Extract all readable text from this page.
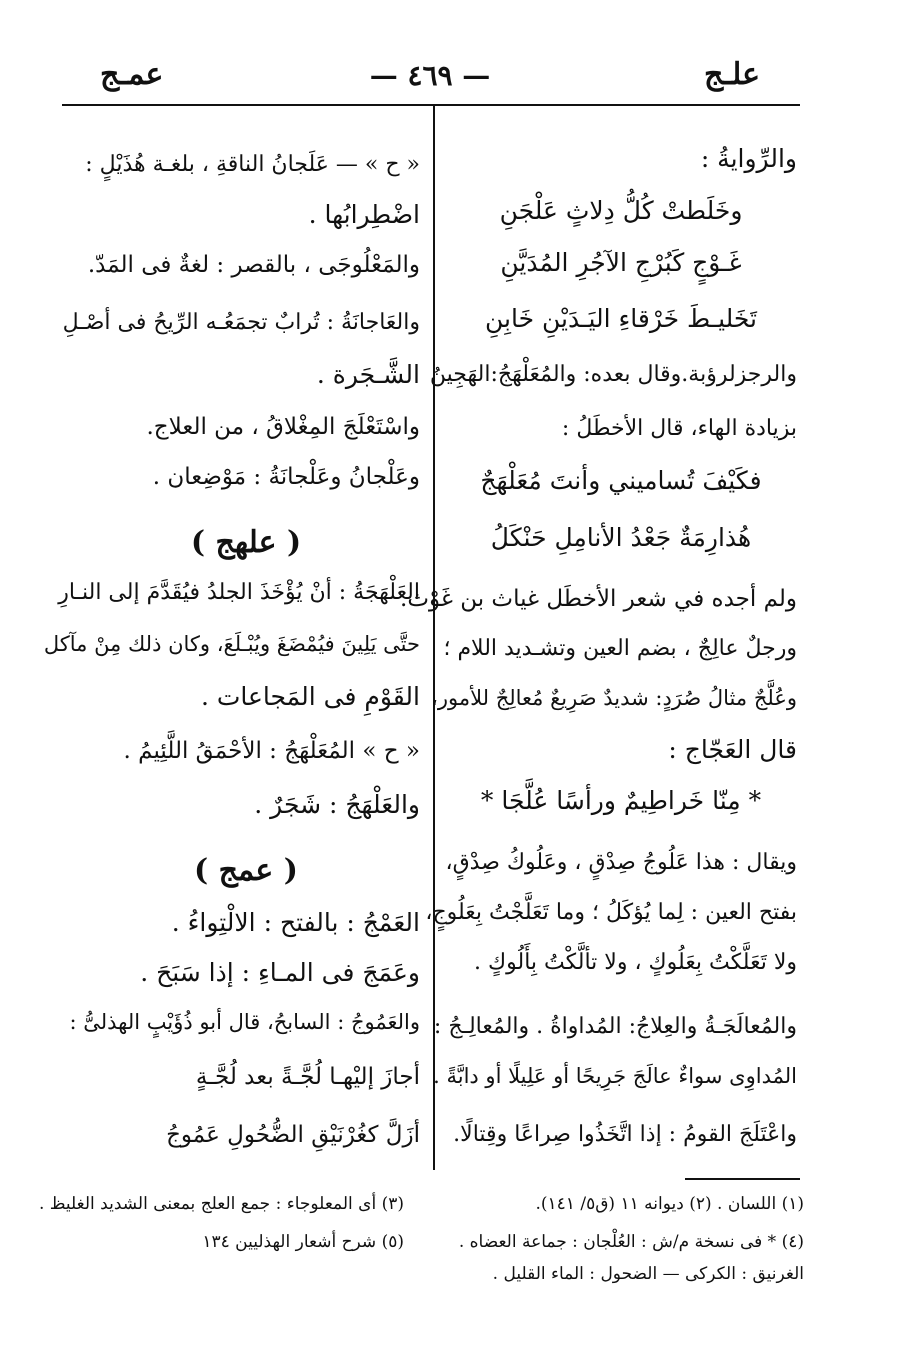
علـج
— ٤٦٩ —
عمـج
والرِّوايةُ :
وخَلَطتْ كُلُّ دِلاثٍ عَلْجَنِ
غَـوْجٍ كَبُرْجِ الآجُرِ المُدَيَّنِ
تَخَليـطَ خَرْقاءِ اليَـدَيْنِ خَابِنِ
والرجزلرؤبة.وقال بعده: والمُعَلْهَجُ:الهَجِينُ
بزيادة الهاء، قال الأخطَلُ :
فكَيْفَ تُساميني وأنتَ مُعَلْهَجٌ
هُذارِمَةٌ جَعْدُ الأنامِلِ حَنْكَلُ
ولم أجده في شعر الأخطَل غياث بن غَوْث.
ورجلٌ عالِجٌ ، بضم العين وتشـديد اللام ؛
وعُلَّجٌ مثالُ صُرَدٍ: شديدٌ صَرِيعٌ مُعالِجٌ للأمور،
قال العَجّاج :
* مِنّا خَراطِيمٌ ورأسًا عُلَّجَا *
ويقال : هذا عَلُوجُ صِدْقٍ ، وعَلُوكُ صِدْقٍ،
بفتح العين : لِما يُؤكَلُ ؛ وما تَعَلَّجْتُ بِعَلُوجٍ،
ولا تَعَلَّكْتُ بِعَلُوكٍ ، ولا تألَّكْتُ بِأَلُوكٍ .
والمُعالَجَـةُ والعِلاجُ: المُداواةُ . والمُعالِـجُ :
المُداوِى سواءٌ عالَجَ جَرِيحًا أو عَلِيلًا أو دابَّةً .
واعْتَلَجَ القومُ : إذا اتَّخَذُوا صِراعًا وقِتالًا.
« ح » — عَلَجانُ الناقةِ ، بلغـة هُذَيْلٍ :
اضْطِرابُها .
والمَعْلُوجَى ، بالقصر : لغةٌ فى المَدّ.
والعَاجانَةُ : تُرابٌ تجمَعُـه الرِّيحُ فى أصْـلِ
الشَّـجَرة .
واسْتَعْلَجَ المِغْلاقُ ، من العلاج.
وعَلْجانُ وعَلْجانَةُ : مَوْضِعان .
( علهج )
العَلْهَجَةُ : أنْ يُؤْخَذَ الجلدُ فيُقَدَّمَ إلى النـارِ
حتَّى يَلِينَ فيُمْضَغَ ويُبْـلَعَ، وكان ذلك مِنْ مآكل
القَوْمِ فى المَجاعات .
« ح » المُعَلْهَجُ : الأحْمَقُ اللَّئِيمُ .
والعَلْهَجُ : شَجَرٌ .
( عمج )
العَمْجُ : بالفتح : الالْتِواءُ .
وعَمَجَ فى المـاءِ : إذا سَبَحَ .
والعَمُوجُ : السابحُ، قال أبو ذُؤَيْبٍ الهذلىُّ :
أجازَ إليْهـا لُجَّـةً بعد لُجَّـةٍ
أزَلَّ كغُرْنَيْقِ الضُّحُولِ عَمُوجُ
(١) اللسان . (٢) ديوانه ١١ (ق٥/ ١٤١).
(٤) * فى نسخة م/ش : العُلْجان : جماعة العضاه .
الغرنيق : الكركى — الضحول : الماء القليل .
(٣) أى المعلوجاء : جمع العلج بمعنى الشديد الغليظ .
(٥) شرح أشعار الهذليين ١٣٤
